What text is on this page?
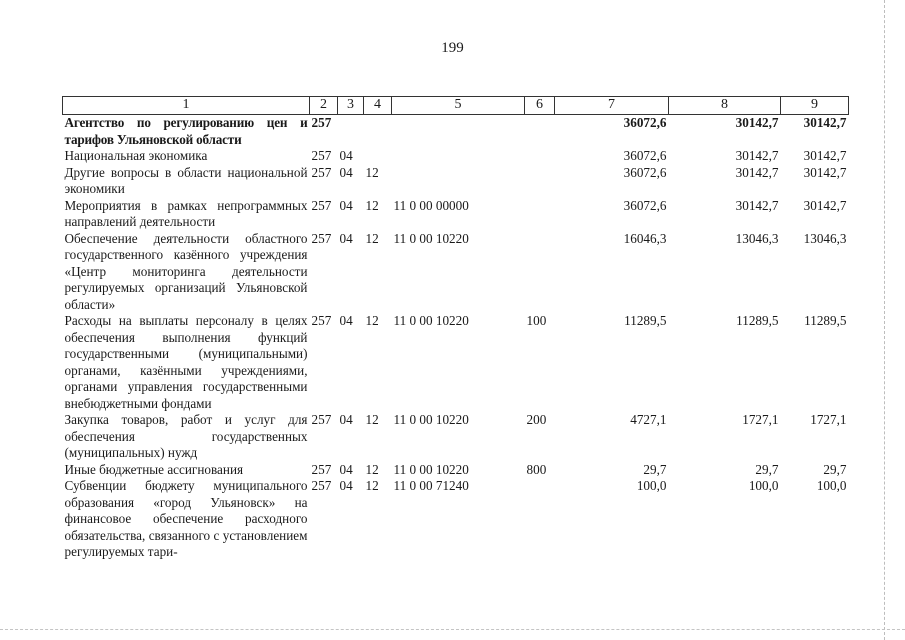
199
1	2	3	4	5	6	7	8	9
Агентство по регулированию цен и тарифов Ульяновской области	257					36072,6	30142,7	30142,7
Национальная экономика	257	04				36072,6	30142,7	30142,7
Другие вопросы в области национальной экономики	257	04	12			36072,6	30142,7	30142,7
Мероприятия в рамках непрограммных направлений деятельности	257	04	12	11 0 00 00000		36072,6	30142,7	30142,7
Обеспечение деятельности областного государственного казённого учреждения «Центр мониторинга деятельности регулируемых организаций Ульяновской области»	257	04	12	11 0 00 10220		16046,3	13046,3	13046,3
Расходы на выплаты персоналу в целях обеспечения выполнения функций государственными (муниципальными) органами, казёнными учреждениями, органами управления государственными внебюджетными фондами	257	04	12	11 0 00 10220	100	11289,5	11289,5	11289,5
Закупка товаров, работ и услуг для обеспечения государственных (муниципальных) нужд	257	04	12	11 0 00 10220	200	4727,1	1727,1	1727,1
Иные бюджетные ассигнования	257	04	12	11 0 00 10220	800	29,7	29,7	29,7
Субвенции бюджету муниципального образования «город Ульяновск» на финансовое обеспечение расходного обязательства, связанного с установлением регулируемых тари-	257	04	12	11 0 00 71240		100,0	100,0	100,0
